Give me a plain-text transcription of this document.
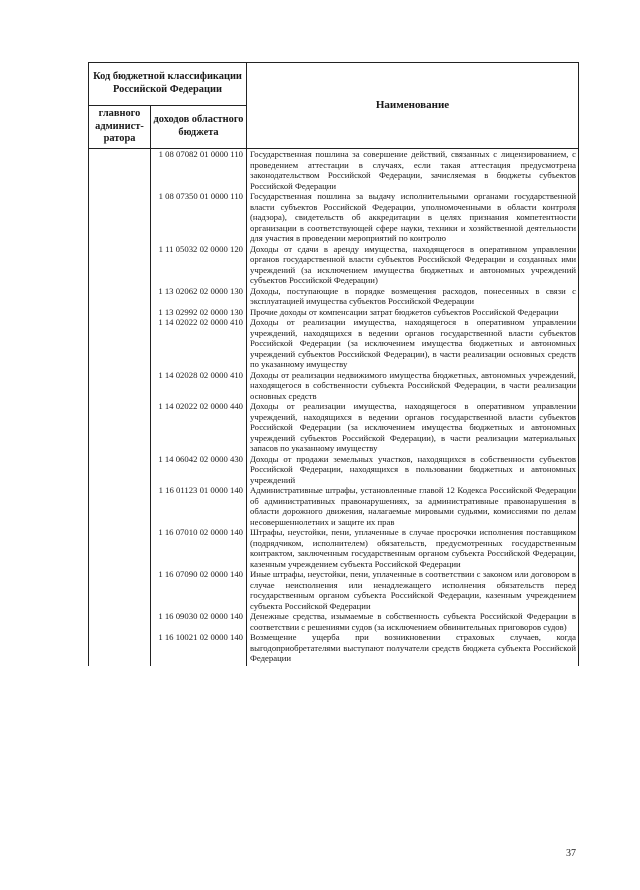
Код бюджетной классификации Российской Федерации		Наименование
главного админист-ратора	доходов областного бюджета	
	1 08 07082 01 0000 110	Государственная пошлина за совершение действий, связанных с лицензированием, с проведением аттестации в случаях, если такая аттестация предусмотрена законодательством Российской Федерации, зачисляемая в бюджеты субъектов Российской Федерации
	1 08 07350 01 0000 110	Государственная пошлина за выдачу исполнительными органами государственной власти субъектов Российской Федерации, уполномоченными в области контроля (надзора), свидетельств об аккредитации в целях признания компетентности организации в соответствующей сфере науки, техники и хозяйственной деятельности для участия в проведении мероприятий по контролю
	1 11 05032 02 0000 120	Доходы от сдачи в аренду имущества, находящегося в оперативном управлении органов государственной власти субъектов Российской Федерации и созданных ими учреждений (за исключением имущества бюджетных и автономных учреждений субъектов Российской Федерации)
	1 13 02062 02 0000 130	Доходы, поступающие в порядке возмещения расходов, понесенных в связи с эксплуатацией имущества субъектов Российской Федерации
	1 13 02992 02 0000 130	Прочие доходы от компенсации затрат бюджетов субъектов Российской Федерации
	1 14 02022 02 0000 410	Доходы от реализации имущества, находящегося в оперативном управлении учреждений, находящихся в ведении органов государственной власти субъектов Российской Федерации (за исключением имущества бюджетных и автономных учреждений субъектов Российской Федерации), в части реализации основных средств по указанному имуществу
	1 14 02028 02 0000 410	Доходы от реализации недвижимого имущества бюджетных, автономных учреждений, находящегося в собственности субъекта Российской Федерации, в части реализации основных средств
	1 14 02022 02 0000 440	Доходы от реализации имущества, находящегося в оперативном управлении учреждений, находящихся в ведении органов государственной власти субъектов Российской Федерации (за исключением имущества бюджетных и автономных учреждений субъектов Российской Федерации), в части реализации материальных запасов по указанному имуществу
	1 14 06042 02 0000 430	Доходы от продажи земельных участков, находящихся в собственности субъектов Российской Федерации, находящихся в пользовании бюджетных и автономных учреждений
	1 16 01123 01 0000 140	Административные штрафы, установленные главой 12 Кодекса Российской Федерации об административных правонарушениях, за административные правонарушения в области дорожного движения, налагаемые мировыми судьями, комиссиями по делам несовершеннолетних и защите их прав
	1 16 07010 02 0000 140	Штрафы, неустойки, пени, уплаченные в случае просрочки исполнения поставщиком (подрядчиком, исполнителем) обязательств, предусмотренных государственным контрактом, заключенным государственным органом субъекта Российской Федерации, казенным учреждением субъекта Российской Федерации
	1 16 07090 02 0000 140	Иные штрафы, неустойки, пени, уплаченные в соответствии с законом или договором в случае неисполнения или ненадлежащего исполнения обязательств перед государственным органом субъекта Российской Федерации, казенным учреждением субъекта Российской Федерации
	1 16 09030 02 0000 140	Денежные средства, изымаемые в собственность субъекта Российской Федерации в соответствии с решениями судов (за исключением обвинительных приговоров судов)
	1 16 10021 02 0000 140	Возмещение ущерба при возникновении страховых случаев, когда выгодоприобретателями выступают получатели средств бюджета субъекта Российской Федерации
37
